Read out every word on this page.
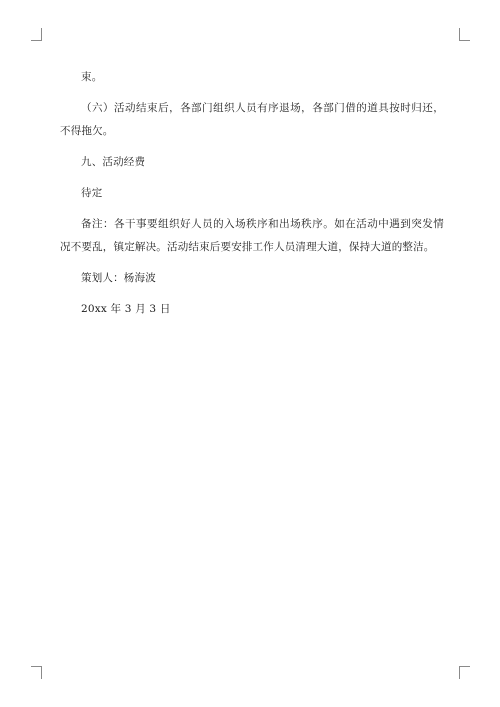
束。

（六）活动结束后，各部门组织人员有序退场，各部门借的道具按时归还，不得拖欠。

九、活动经费

待定

备注：各干事要组织好人员的入场秩序和出场秩序。如在活动中遇到突发情况不要乱，镇定解决。活动结束后要安排工作人员清理大道，保持大道的整洁。

策划人：杨海波

20xx 年 3 月 3 日
